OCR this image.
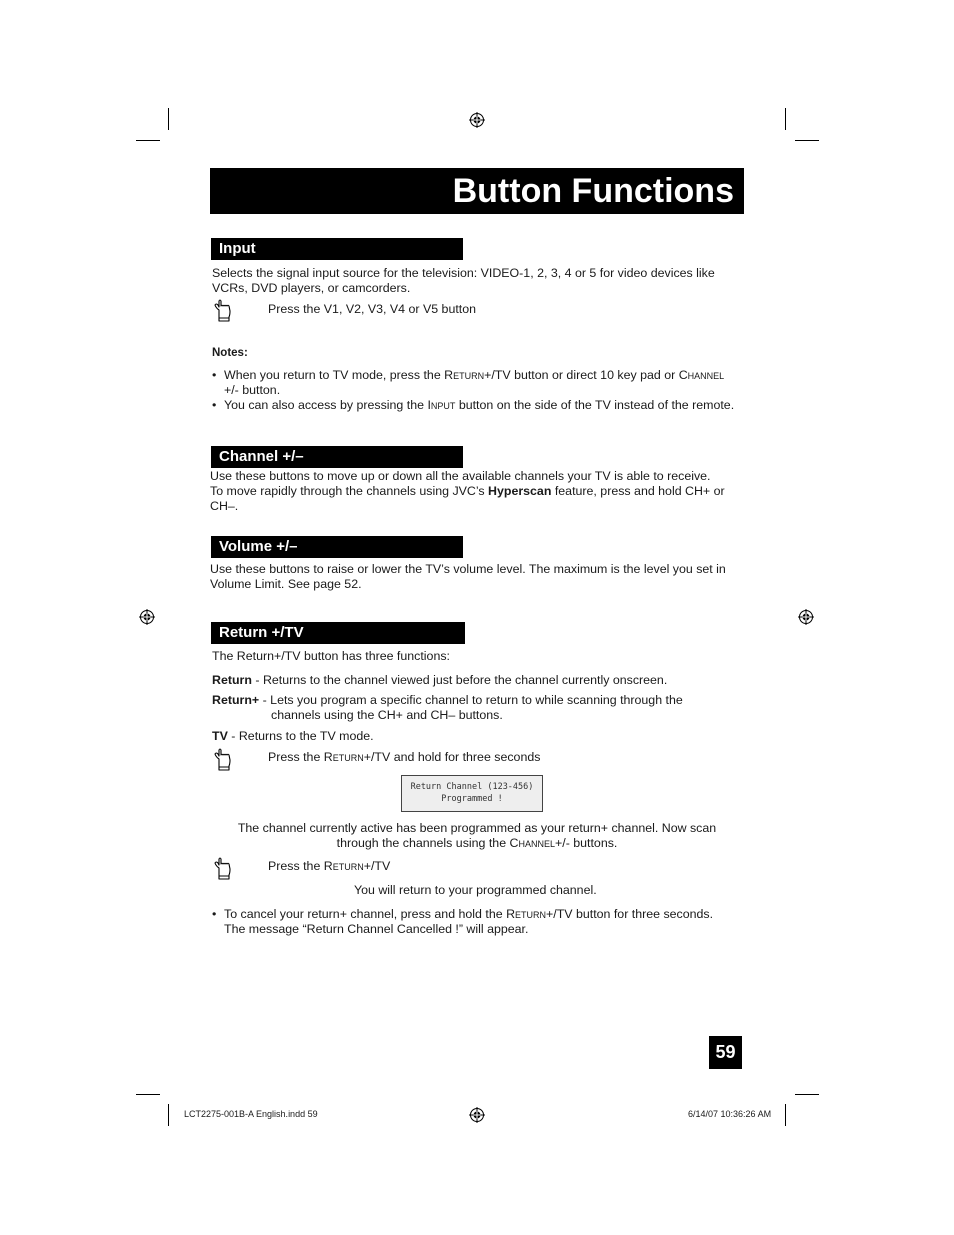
Button Functions
Input
Selects the signal input source for the television: VIDEO-1, 2, 3, 4 or 5 for video devices like VCRs, DVD players, or camcorders.
Press the V1, V2, V3, V4 or V5 button
Notes:
• When you return to TV mode, press the Return+/TV button or direct 10 key pad or Channel
+/- button.
• You can also access by pressing the Input button on the side of the TV instead of the remote.
Channel +/–
Use these buttons to move up or down all the available channels your TV is able to receive.
To move rapidly through the channels using JVC’s Hyperscan feature, press and hold CH+ or CH–.
Volume +/–
Use these buttons to raise or lower the TV’s volume level. The maximum is the level you set in Volume Limit. See page 52.
Return +/TV
The Return+/TV button has three functions:
Return - Returns to the channel viewed just before the channel currently onscreen.
Return+ - Lets you program a specific channel to return to while scanning through the
channels using the CH+ and CH– buttons.
TV - Returns to the TV mode.
Press the Return+/TV and hold for three seconds
Return Channel (123-456)
Programmed !
The channel currently active has been programmed as your return+ channel. Now scan
through the channels using the Channel+/- buttons.
Press the Return+/TV
You will return to your programmed channel.
• To cancel your return+ channel, press and hold the Return+/TV button for three seconds.
The message “Return Channel Cancelled !” will appear.
59
LCT2275-001B-A English.indd 59	6/14/07 10:36:26 AM
